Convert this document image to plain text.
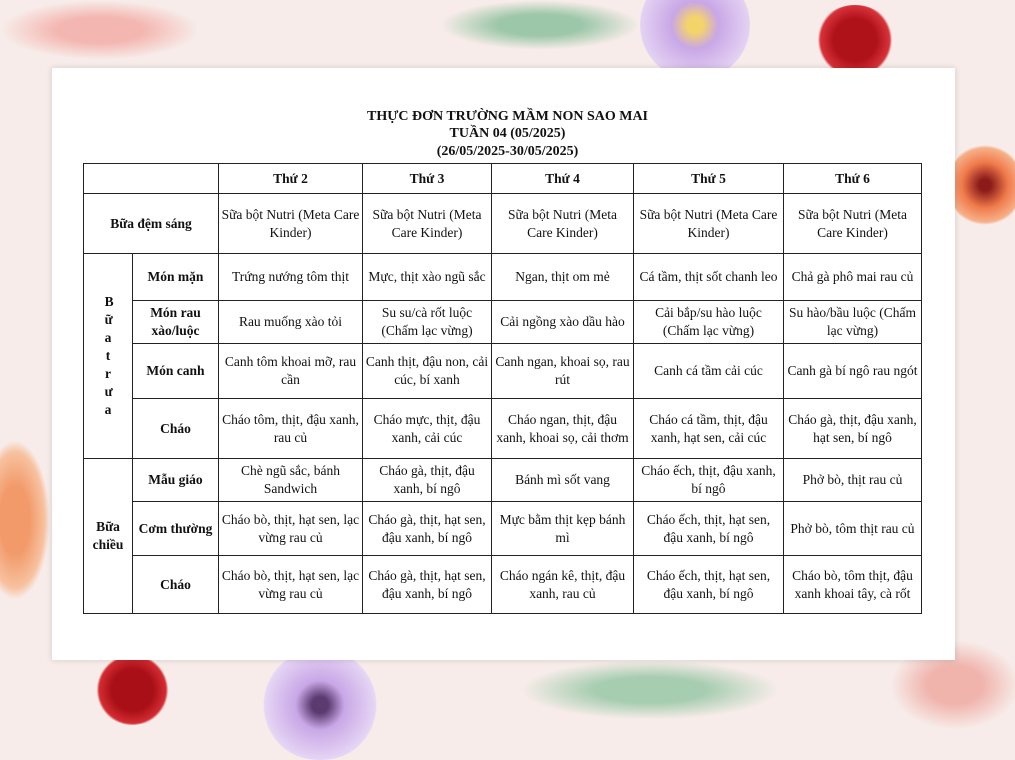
THỰC ĐƠN TRƯỜNG MẦM NON SAO MAI
TUẦN 04 (05/2025)
(26/05/2025-30/05/2025)
		Thứ 2	Thứ 3	Thứ 4	Thứ 5	Thứ 6
Bữa đệm sáng		Sữa bột Nutri (Meta Care Kinder)	Sữa bột Nutri (Meta Care Kinder)	Sữa bột Nutri (Meta Care Kinder)	Sữa bột Nutri (Meta Care Kinder)	Sữa bột Nutri (Meta Care Kinder)

Bữa trưa	Món mặn	Trứng nướng tôm thịt	Mực, thịt xào ngũ sắc	Ngan, thịt om mẻ	Cá tầm, thịt sốt chanh leo	Chả gà phô mai rau củ
	Món rau xào/luộc	Rau muống xào tỏi	Su su/cà rốt luộc (Chấm lạc vừng)	Cải ngồng xào dầu hào	Cải bắp/su hào luộc (Chấm lạc vừng)	Su hào/bầu luộc (Chấm lạc vừng)
	Món canh	Canh tôm khoai mỡ, rau cần	Canh thịt, đậu non, cải cúc, bí xanh	Canh ngan, khoai sọ, rau rút	Canh cá tầm cải cúc	Canh gà bí ngô rau ngót
	Cháo	Cháo tôm, thịt, đậu xanh, rau củ	Cháo mực, thịt, đậu xanh, cải cúc	Cháo ngan, thịt, đậu xanh, khoai sọ, cải thơm	Cháo cá tầm, thịt, đậu xanh, hạt sen, cải cúc	Cháo gà, thịt, đậu xanh, hạt sen, bí ngô
Bữa chiều	Mẫu giáo	Chè ngũ sắc, bánh Sandwich	Cháo gà, thịt, đậu xanh, bí ngô	Bánh mì sốt vang	Cháo ếch, thịt, đậu xanh, bí ngô	Phở bò, thịt rau củ
	Cơm thường	Cháo bò, thịt, hạt sen, lạc vừng rau củ	Cháo gà, thịt, hạt sen, đậu xanh, bí ngô	Mực bằm thịt kẹp bánh mì	Cháo ếch, thịt, hạt sen, đậu xanh, bí ngô	Phở bò, tôm thịt rau củ
	Cháo	Cháo bò, thịt, hạt sen, lạc vừng rau củ	Cháo gà, thịt, hạt sen, đậu xanh, bí ngô	Cháo ngán kê, thịt, đậu xanh, rau củ	Cháo ếch, thịt, hạt sen, đậu xanh, bí ngô	Cháo bò, tôm thịt, đậu xanh khoai tây, cà rốt
